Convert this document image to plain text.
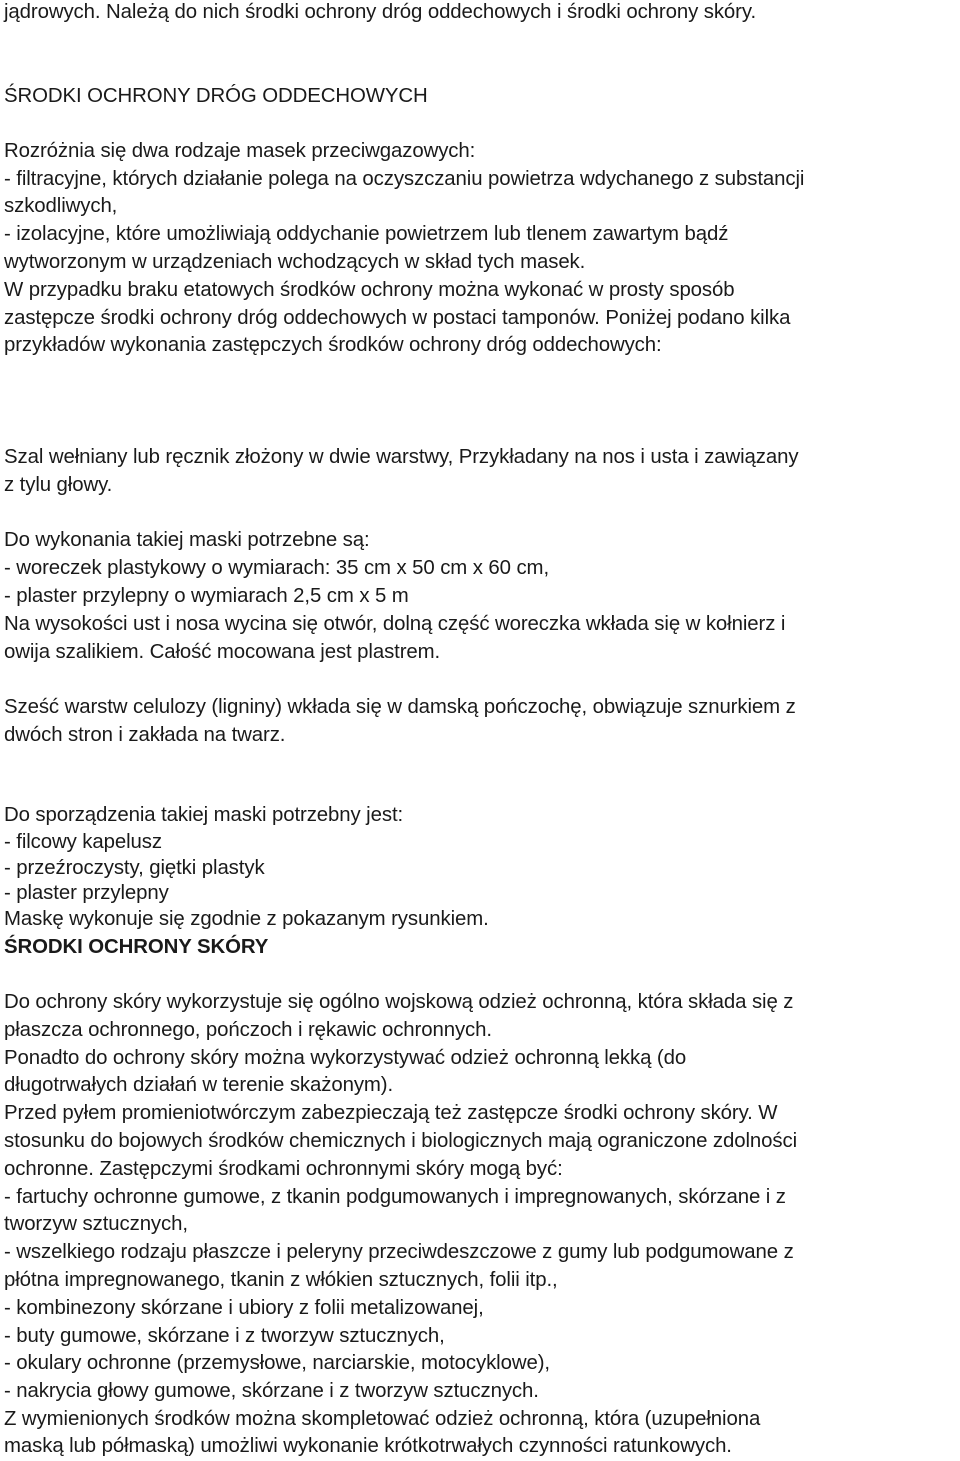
jądrowych. Należą do nich środki ochrony dróg oddechowych i środki ochrony skóry.
ŚRODKI OCHRONY DRÓG ODDECHOWYCH
Rozróżnia się dwa rodzaje masek przeciwgazowych:
- filtracyjne, których działanie polega na oczyszczaniu powietrza wdychanego z substancji
szkodliwych,
- izolacyjne, które umożliwiają oddychanie powietrzem lub tlenem zawartym bądź
wytworzonym w urządzeniach wchodzących w skład tych masek.
W przypadku braku etatowych środków ochrony można wykonać w prosty sposób
zastępcze środki ochrony dróg oddechowych w postaci tamponów. Poniżej podano kilka
przykładów wykonania zastępczych środków ochrony dróg oddechowych:
Szal wełniany lub ręcznik złożony w dwie warstwy, Przykładany na nos i usta i zawiązany
z tylu głowy.
Do wykonania takiej maski potrzebne są:
- woreczek plastykowy o wymiarach: 35 cm x 50 cm x 60 cm,
- plaster przylepny o wymiarach 2,5 cm x 5 m
Na wysokości ust i nosa wycina się otwór, dolną część woreczka wkłada się w kołnierz i
owija szalikiem. Całość mocowana jest plastrem.
Sześć warstw celulozy (ligniny) wkłada się w damską pończochę, obwiązuje sznurkiem z
dwóch stron i zakłada na twarz.
Do sporządzenia takiej maski potrzebny jest:
- filcowy kapelusz
- przeźroczysty, giętki plastyk
- plaster przylepny
Maskę wykonuje się zgodnie z pokazanym rysunkiem.
ŚRODKI OCHRONY SKÓRY
Do ochrony skóry wykorzystuje się ogólno wojskową odzież ochronną, która składa się z
płaszcza ochronnego, pończoch i rękawic ochronnych.
Ponadto do ochrony skóry można wykorzystywać odzież ochronną lekką (do
długotrwałych działań w terenie skażonym).
Przed pyłem promieniotwórczym zabezpieczają też zastępcze środki ochrony skóry. W
stosunku do bojowych środków chemicznych i biologicznych mają ograniczone zdolności
ochronne. Zastępczymi środkami ochronnymi skóry mogą być:
- fartuchy ochronne gumowe, z tkanin podgumowanych i impregnowanych, skórzane i z
tworzyw sztucznych,
- wszelkiego rodzaju płaszcze i peleryny przeciwdeszczowe z gumy lub podgumowane z
płótna impregnowanego, tkanin z włókien sztucznych, folii itp.,
- kombinezony skórzane i ubiory z folii metalizowanej,
- buty gumowe, skórzane i z tworzyw sztucznych,
- okulary ochronne (przemysłowe, narciarskie, motocyklowe),
- nakrycia głowy gumowe, skórzane i z tworzyw sztucznych.
Z wymienionych środków można skompletować odzież ochronną, która (uzupełniona
maską lub półmaską) umożliwi wykonanie krótkotrwałych czynności ratunkowych.
